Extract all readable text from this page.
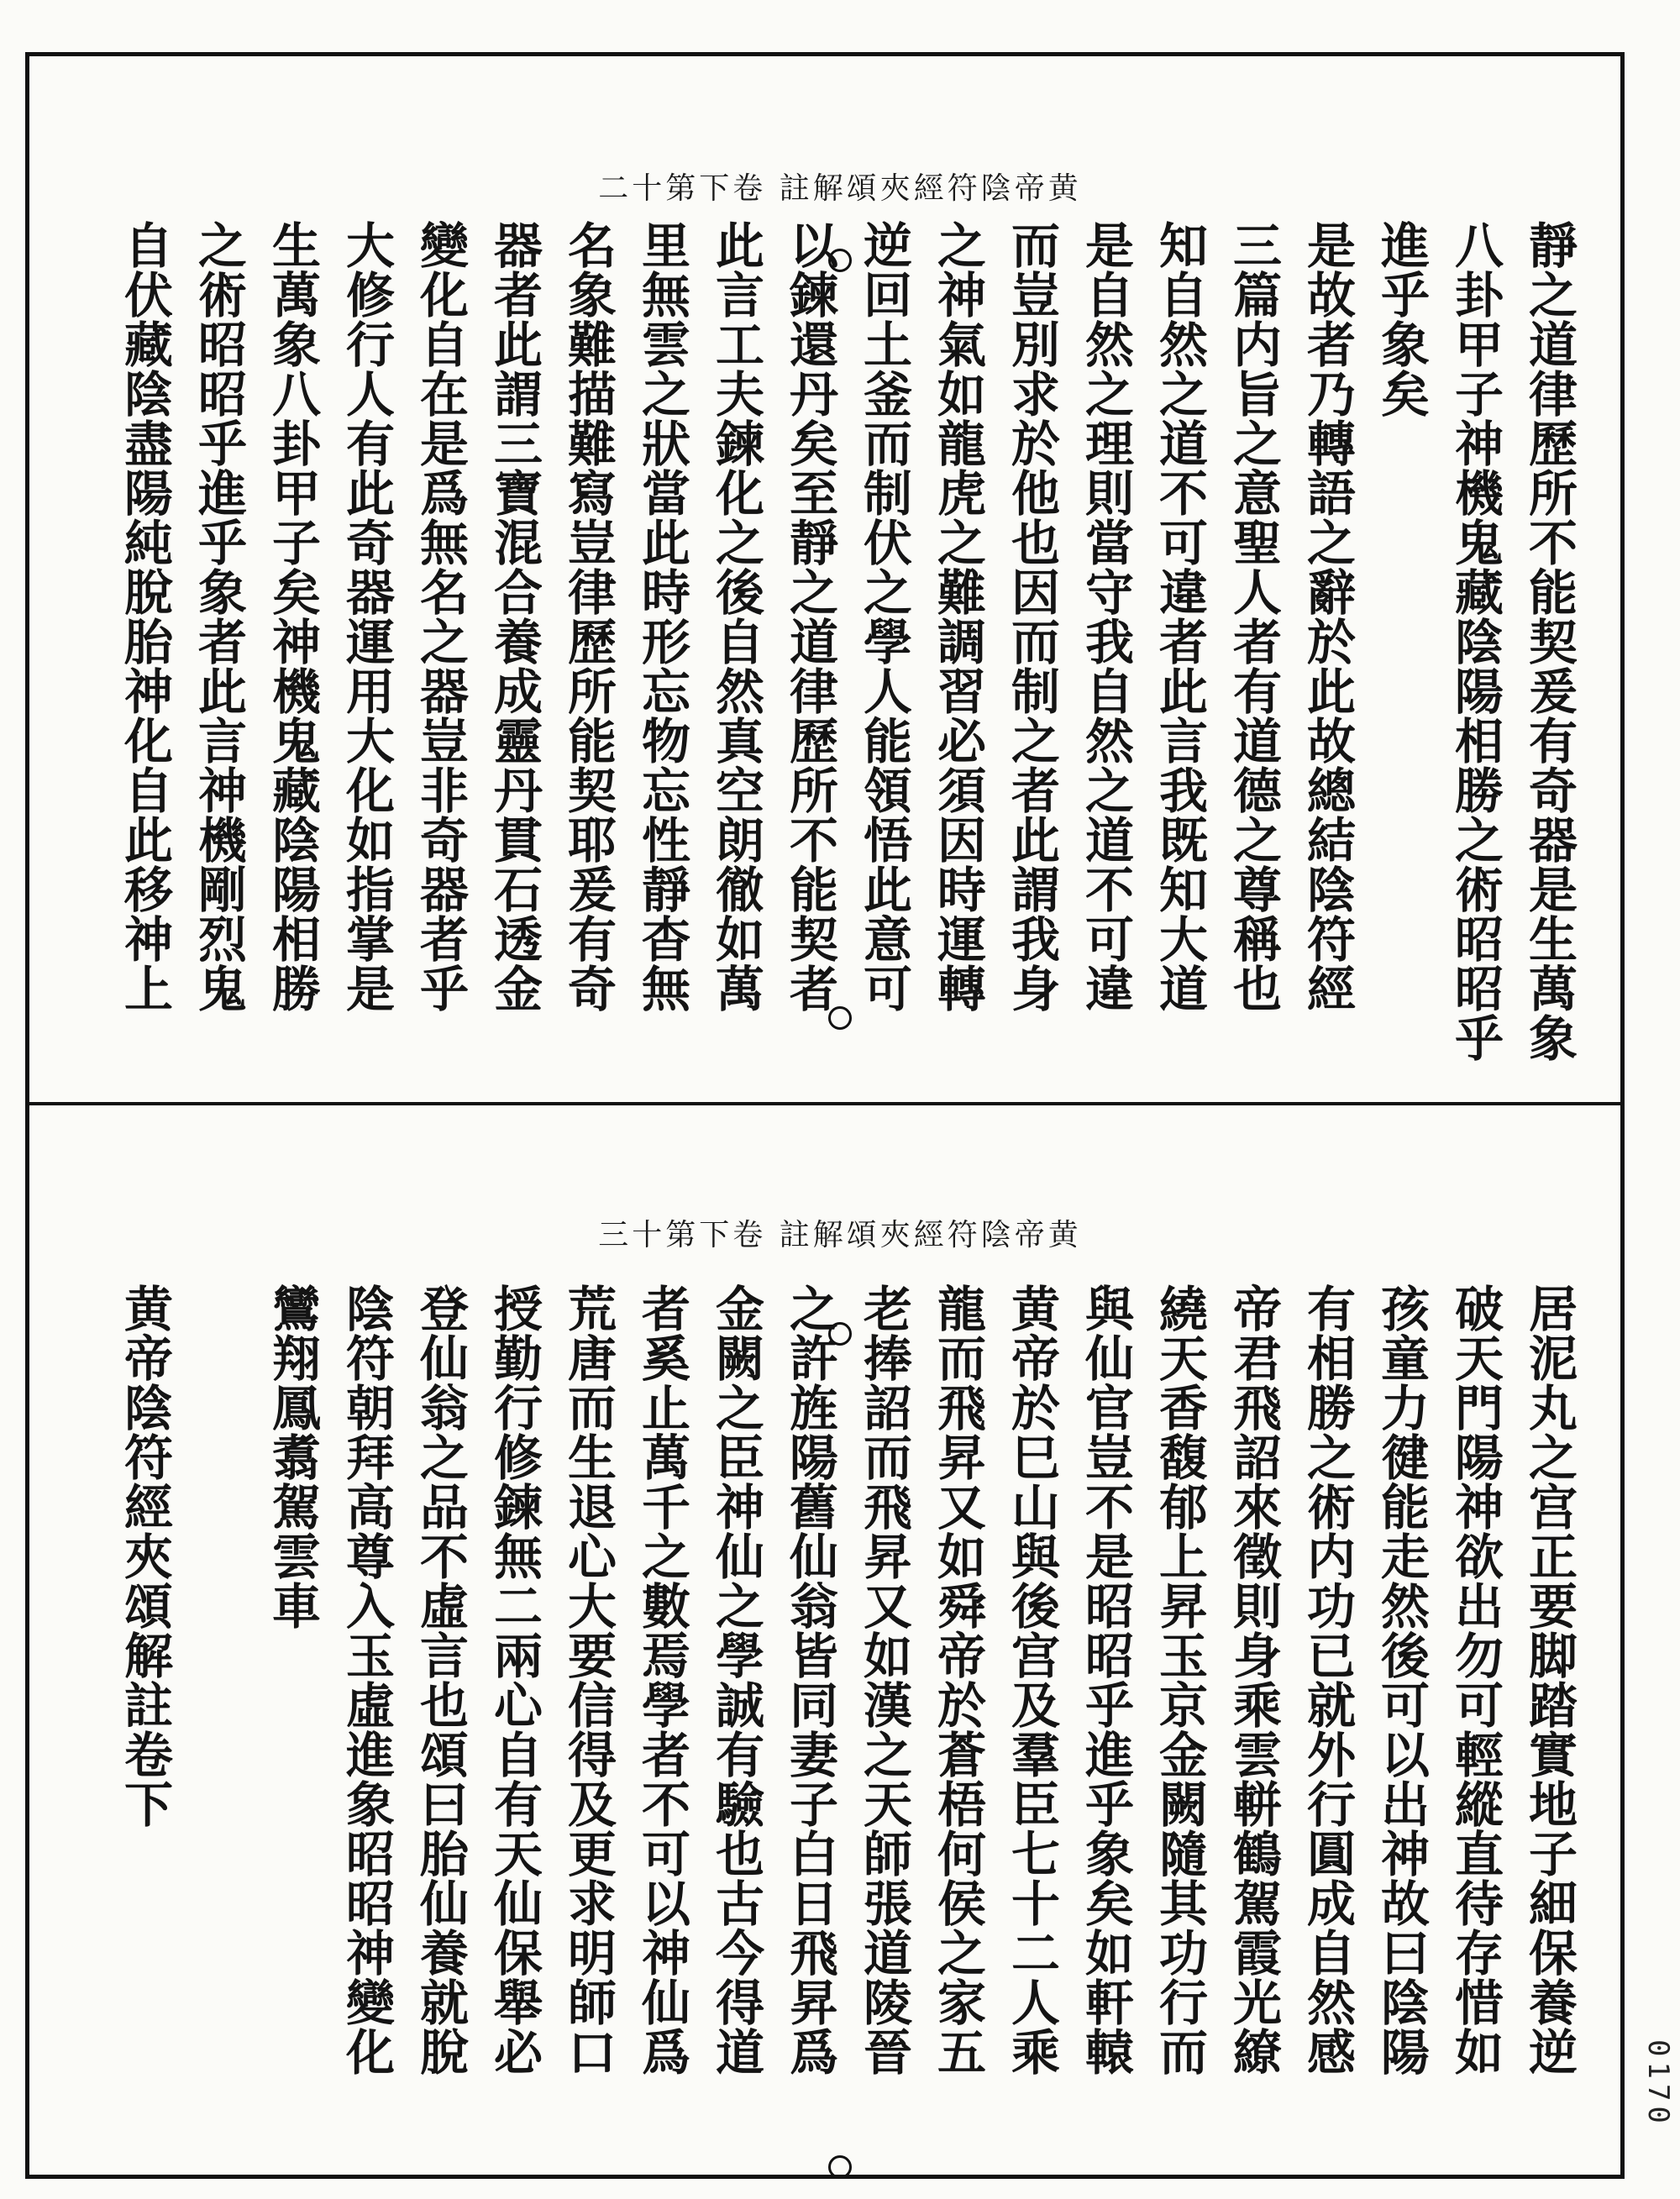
黄帝陰符經夾頌解註 卷下第十二
靜之道律歷所不能契爰有奇器是生萬象
八卦甲子神機鬼藏陰陽相勝之術昭昭乎
進乎象矣
是故者乃轉語之辭於此故總結陰符經
三篇内旨之意聖人者有道德之尊稱也
知自然之道不可違者此言我既知大道
是自然之理則當守我自然之道不可違
而豈別求於他也因而制之者此謂我身
之神氣如龍虎之難調習必須因時運轉
逆回土釜而制伏之學人能領悟此意可
以鍊還丹矣至靜之道律歷所不能契者
此言工夫鍊化之後自然真空朗徹如萬
里無雲之狀當此時形忘物忘性靜杳無
名象難描難寫豈律歷所能契耶爰有奇
器者此謂三寶混合養成靈丹貫石透金
變化自在是爲無名之器豈非奇器者乎
大修行人有此奇器運用大化如指掌是
生萬象八卦甲子矣神機鬼藏陰陽相勝
之術昭昭乎進乎象者此言神機剛烈鬼
自伏藏陰盡陽純脫胎神化自此移神上
黄帝陰符經夾頌解註 卷下第十三
居泥丸之宫正要脚踏實地子細保養逆
破天門陽神欲出勿可輕縱直待存惜如
孩童力徤能走然後可以出神故曰陰陽
有相勝之術内功已就外行圓成自然感
帝君飛詔來徵則身乘雲軿鶴駕霞光繚
繞天香馥郁上昇玉京金闕隨其功行而
與仙官豈不是昭昭乎進乎象矣如軒轅
黄帝於巳山與後宫及羣臣七十二人乘
龍而飛昇又如舜帝於蒼梧何侯之家五
老捧詔而飛昇又如漢之天師張道陵晉
之許旌陽舊仙翁皆同妻子白日飛昇爲
金闕之臣神仙之學誠有驗也古今得道
者奚止萬千之數焉學者不可以神仙爲
荒唐而生退心大要信得及更求明師口
授勤行修鍊無二兩心自有天仙保舉必
登仙翁之品不虛言也頌曰胎仙養就脫
陰符朝拜高尊入玉虛進象昭昭神變化
鸞翔鳳翥駕雲車
黄帝陰符經夾頌解註卷下
0170
